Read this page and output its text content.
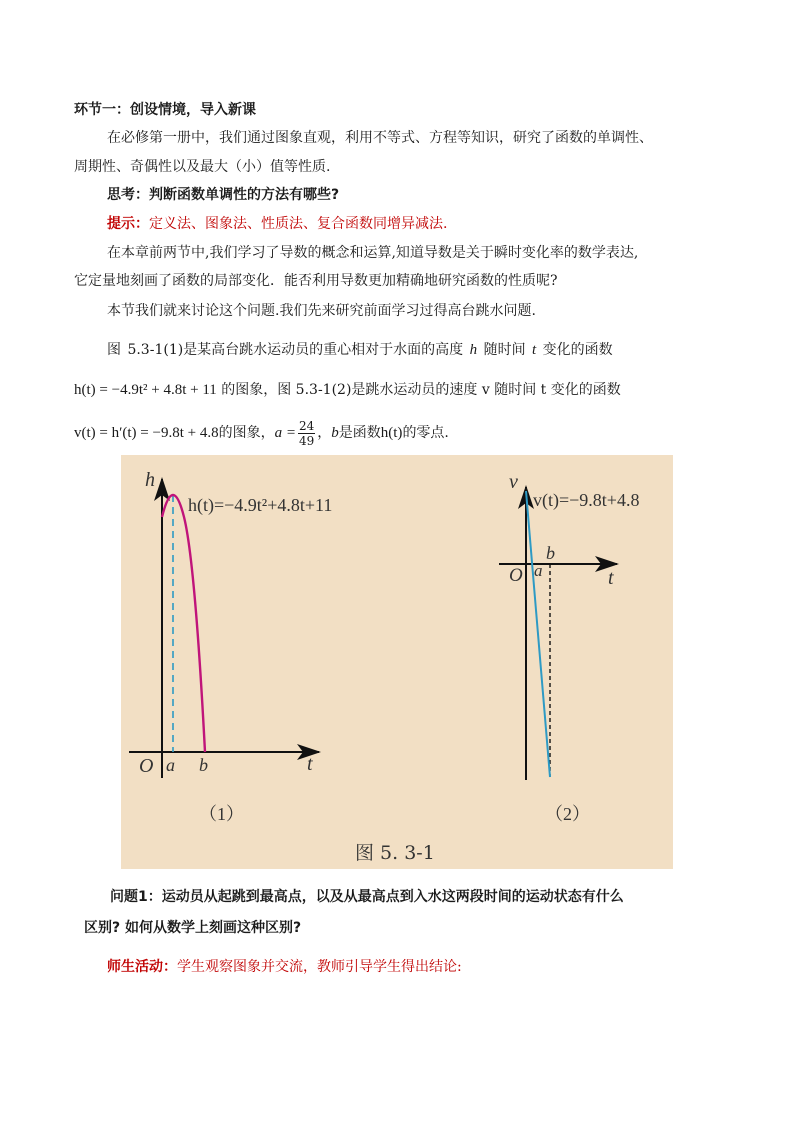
环节一：创设情境，导入新课
在必修第一册中，我们通过图象直观，利用不等式、方程等知识，研究了函数的单调性、
周期性、奇偶性以及最大（小）值等性质.
思考：判断函数单调性的方法有哪些?
提示：定义法、图象法、性质法、复合函数同增异减法.
在本章前两节中,我们学习了导数的概念和运算,知道导数是关于瞬时变化率的数学表达,
它定量地刻画了函数的局部变化．能否利用导数更加精确地研究函数的性质呢?
本节我们就来讨论这个问题.我们先来研究前面学习过得高台跳水问题.
图 5.3-1(1)是某高台跳水运动员的重心相对于水面的高度 h 随时间 t 变化的函数
h(t) = −4.9t² + 4.8t + 11 的图象，图 5.3-1(2)是跳水运动员的速度 v 随时间 t 变化的函数
v(t) = h′(t) = −9.8t + 4.8的图象，$a = \frac{24}{49}$ ，b是函数h(t)的零点.
h
h(t)=−4.9t²+4.8t+11
O a b	t
（1）
v
v(t)=−9.8t+4.8
b
O a	t
（2）
图 5. 3-1
问题1：运动员从起跳到最高点，以及从最高点到入水这两段时间的运动状态有什么
区别? 如何从数学上刻画这种区别?
师生活动：学生观察图象并交流，教师引导学生得出结论:
